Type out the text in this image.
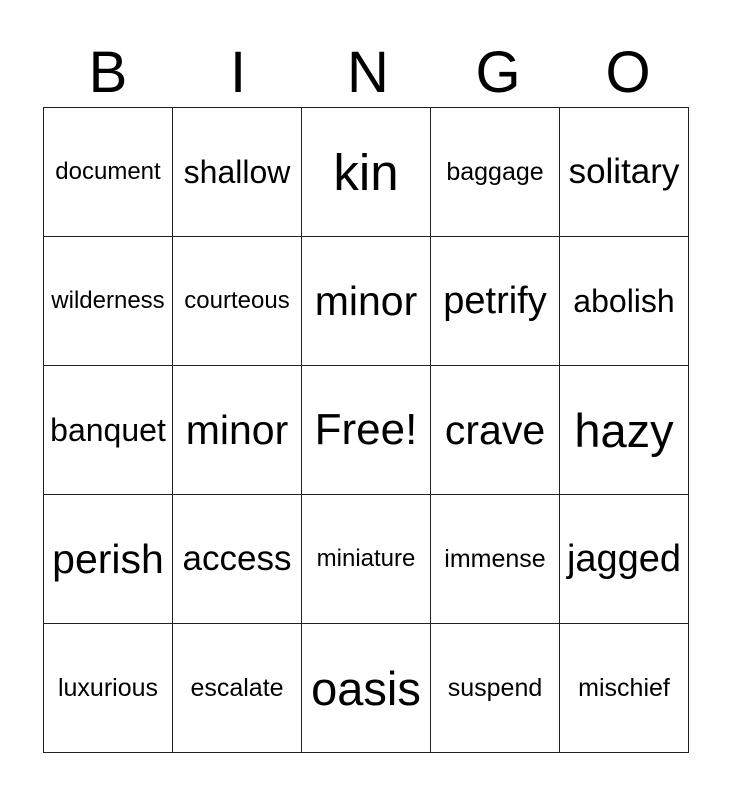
B	I	N	G	O
document	shallow	kin	baggage	solitary
wilderness	courteous	minor	petrify	abolish
banquet	minor	Free!	crave	hazy
perish	access	miniature	immense	jagged
luxurious	escalate	oasis	suspend	mischief
